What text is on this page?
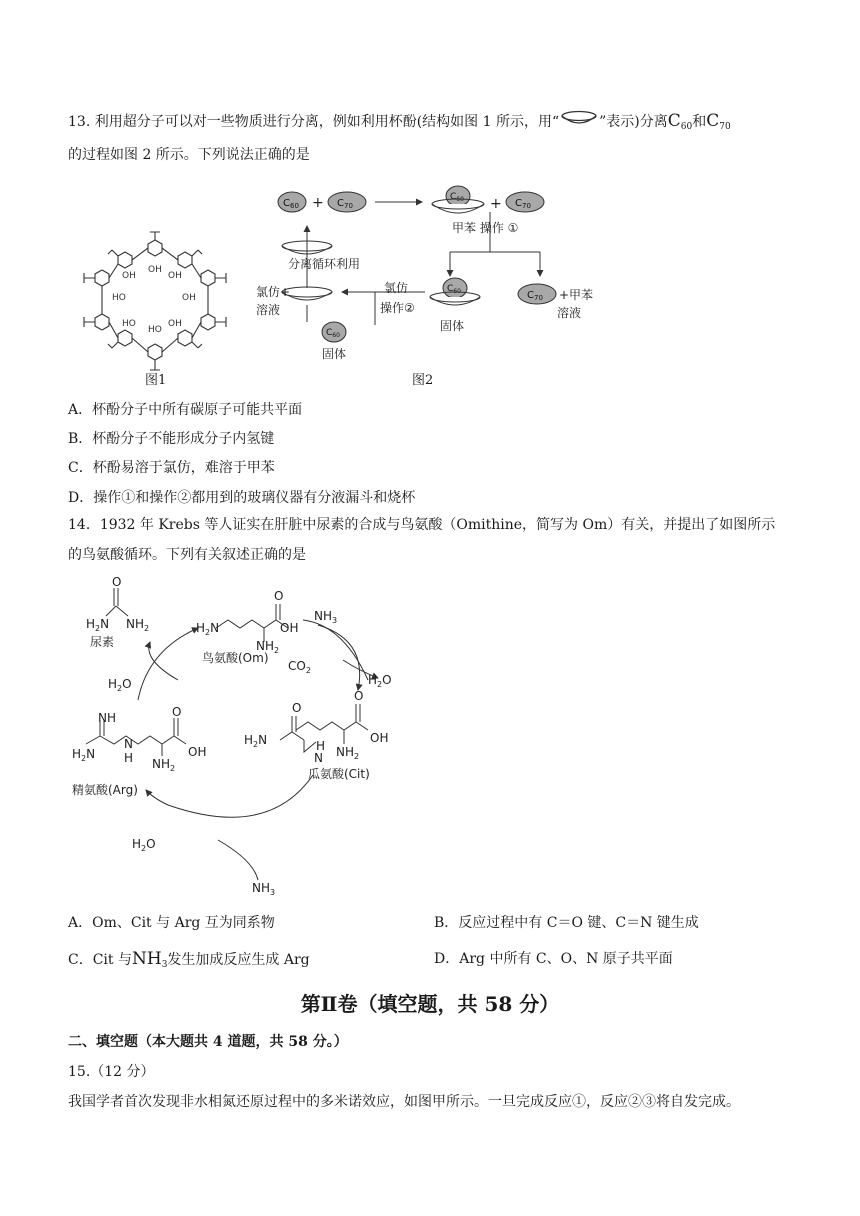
13. 利用超分子可以对一些物质进行分离，例如利用杯酚(结构如图 1 所示，用“	”表示)分离$C_{60}$和$C_{70}$
的过程如图 2 所示。下列说法正确的是
OH
OH
OH
HO	OH
HO
HO
OH
图1
$C_{60} + C_{70}$
$C_{60} + C_{70}$
甲苯 操作 ①
$C_{60}$
固体
$C_{70}$ +甲苯
溶液
分离 循环利用
氯仿+
溶液
氯仿
操作②
$C_{60}$
固体
图2
A．杯酚分子中所有碳原子可能共平面
B．杯酚分子不能形成分子内氢键
C．杯酚易溶于氯仿，难溶于甲苯
D．操作①和操作②都用到的玻璃仪器有分液漏斗和烧杯
14．1932 年 Krebs 等人证实在肝脏中尿素的合成与鸟氨酸（Omithine，简写为 Om）有关，并提出了如图所示
的鸟氨酸循环。下列有关叙述正确的是
O
$H_2N$ $NH_2$
尿素
O
$H_2N$	OH
$NH_2$
鸟氨酸(Om)
$NH_3$
$CO_2$
$H_2O$
$H_2O$
O
O
$H_2N$	H
N
OH
$NH_2$
瓜氨酸(Cit)
NH	O
$H_2N$
N
H	OH
$NH_2$
精氨酸(Arg)
$H_2O$
$NH_3$
A．Om、Cit 与 Arg 互为同系物	B．反应过程中有 C＝O 键、C＝N 键生成
C．Cit 与$NH_3$发生加成反应生成 Arg	D．Arg 中所有 C、O、N 原子共平面
第Ⅱ卷（填空题，共 58 分）
二、填空题（本大题共 4 道题，共 58 分。）
15.（12 分）
我国学者首次发现非水相氮还原过程中的多米诺效应，如图甲所示。一旦完成反应①，反应②③将自发完成。
